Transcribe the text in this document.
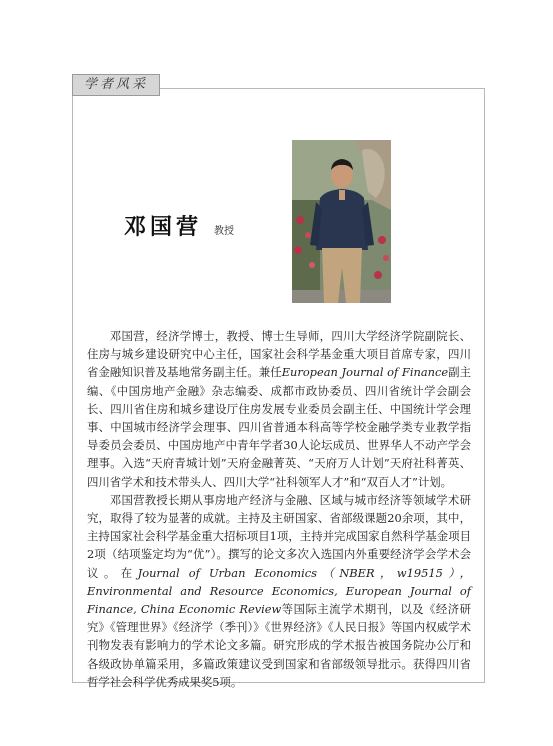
学者风采
邓国营 教授

邓国营，经济学博士，教授、博士生导师，四川大学经济学院副院长、住房与城乡建设研究中心主任，国家社会科学基金重大项目首席专家，四川省金融知识普及基地常务副主任。兼任European Journal of Finance副主编、《中国房地产金融》杂志编委、成都市政协委员、四川省统计学会副会长、四川省住房和城乡建设厅住房发展专业委员会副主任、中国统计学会理事、中国城市经济学会理事、四川省普通本科高等学校金融学类专业教学指导委员会委员、中国房地产中青年学者30人论坛成员、世界华人不动产学会理事。入选“天府青城计划”天府金融菁英、“天府万人计划”天府社科菁英、四川省学术和技术带头人、四川大学“社科领军人才”和“双百人才”计划。

邓国营教授长期从事房地产经济与金融、区域与城市经济等领域学术研究，取得了较为显著的成就。主持及主研国家、省部级课题20余项，其中，主持国家社会科学基金重大招标项目1项，主持并完成国家自然科学基金项目2项（结项鉴定均为“优”）。撰写的论文多次入选国内外重要经济学会学术会议。在Journal of Urban Economics（NBER，w19515），Environmental and Resource Economics, European Journal of Finance, China Economic Review等国际主流学术期刊，以及《经济研究》《管理世界》《经济学（季刊）》《世界经济》《人民日报》等国内权威学术刊物发表有影响力的学术论文多篇。研究形成的学术报告被国务院办公厅和各级政协单篇采用，多篇政策建议受到国家和省部级领导批示。获得四川省哲学社会科学优秀成果奖5项。
